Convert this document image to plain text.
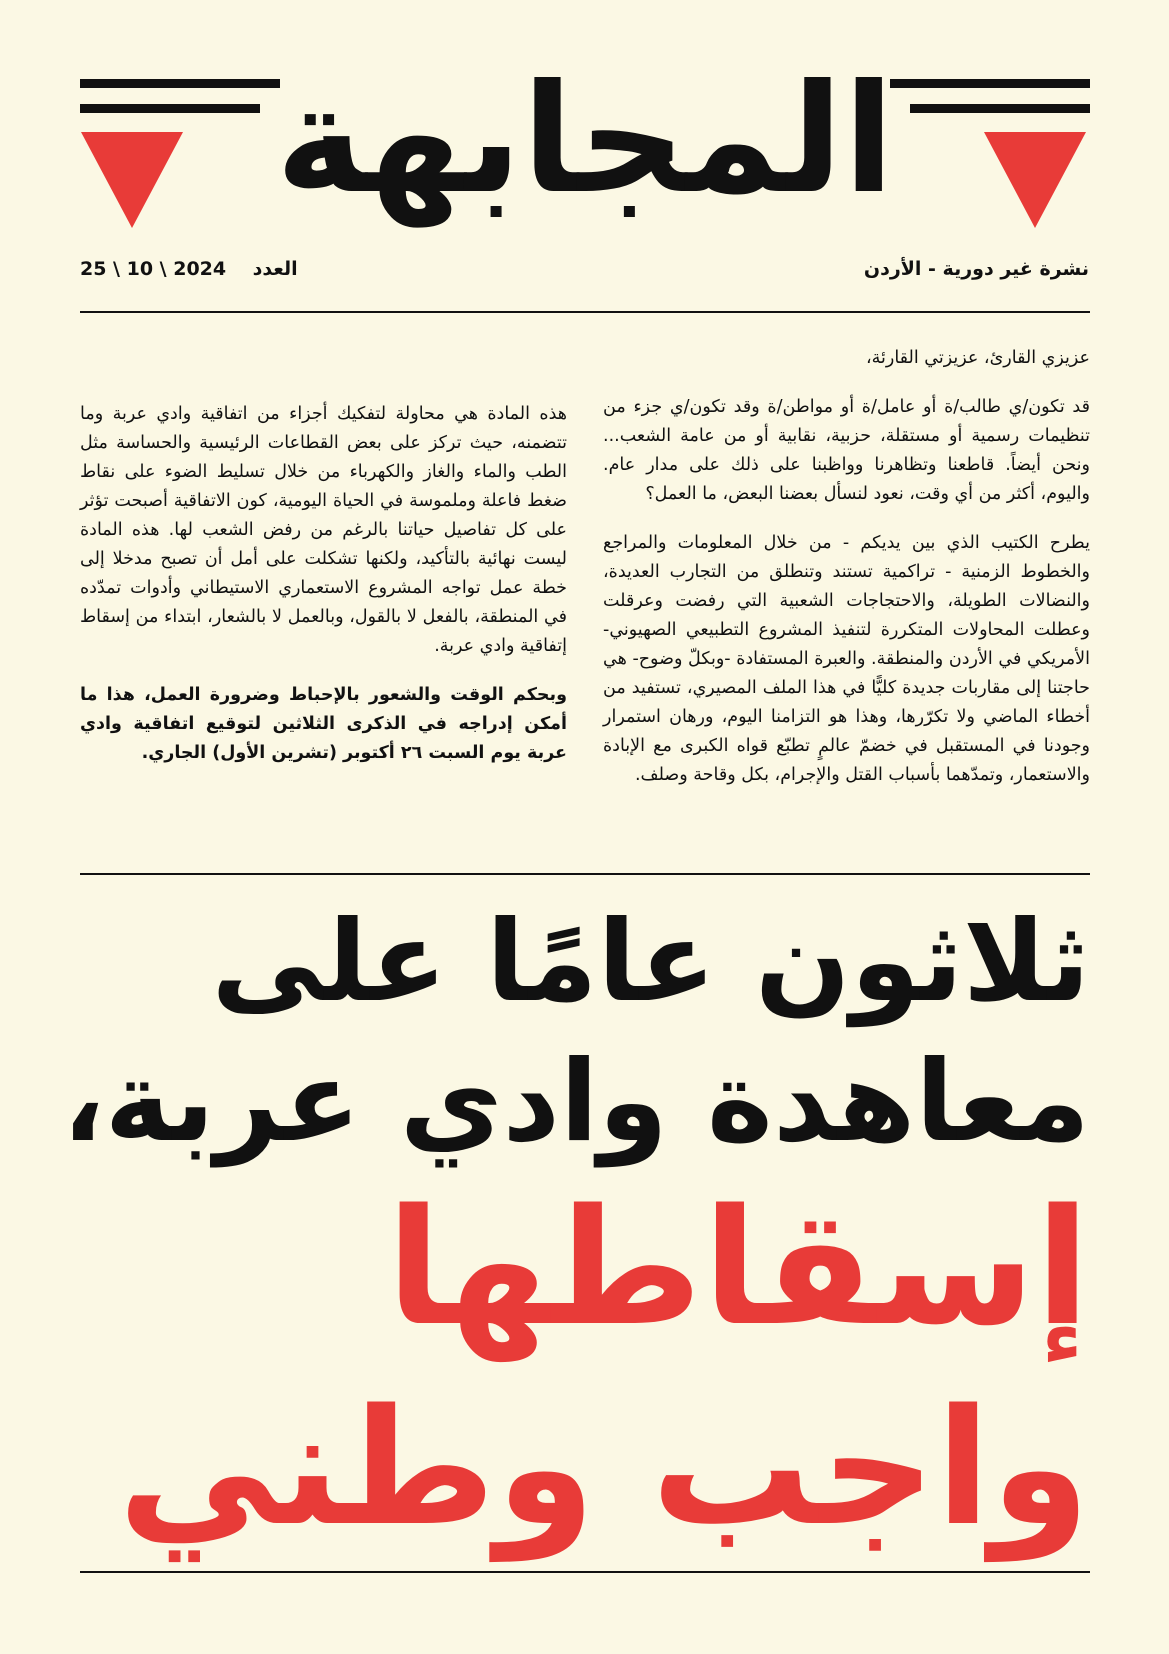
المجابهة
25 \ 10 \ 2024 العدد	نشرة غير دورية - الأردن

عزيزي القارئ، عزيزتي القارئة،

قد تكون/ي طالب/ة أو عامل/ة أو مواطن/ة وقد تكون/ي جزء من تنظيمات رسمية أو مستقلة، حزبية، نقابية أو من عامة الشعب... ونحن أيضاً. قاطعنا وتظاهرنا وواظبنا على ذلك على مدار عام. واليوم، أكثر من أي وقت، نعود لنسأل بعضنا البعض، ما العمل؟

يطرح الكتيب الذي بين يديكم - من خلال المعلومات والمراجع والخطوط الزمنية - تراكمية تستند وتنطلق من التجارب العديدة، والنضالات الطويلة، والاحتجاجات الشعبية التي رفضت وعرقلت وعطلت المحاولات المتكررة لتنفيذ المشروع التطبيعي الصهيوني-الأمريكي في الأردن والمنطقة. والعبرة المستفادة -وبكلّ وضوح- هي حاجتنا إلى مقاربات جديدة كليًّا في هذا الملف المصيري، تستفيد من أخطاء الماضي ولا تكرّرها، وهذا هو التزامنا اليوم، ورهان استمرار وجودنا في المستقبل في خضمّ عالمٍ تطبّع قواه الكبرى مع الإبادة والاستعمار، وتمدّهما بأسباب القتل والإجرام، بكل وقاحة وصلف.

هذه المادة هي محاولة لتفكيك أجزاء من اتفاقية وادي عربة وما تتضمنه، حيث تركز على بعض القطاعات الرئيسية والحساسة مثل الطب والماء والغاز والكهرباء من خلال تسليط الضوء على نقاط ضغط فاعلة وملموسة في الحياة اليومية، كون الاتفاقية أصبحت تؤثر على كل تفاصيل حياتنا بالرغم من رفض الشعب لها. هذه المادة ليست نهائية بالتأكيد، ولكنها تشكلت على أمل أن تصبح مدخلا إلى خطة عمل تواجه المشروع الاستعماري الاستيطاني وأدوات تمدّده في المنطقة، بالفعل لا بالقول، وبالعمل لا بالشعار، ابتداء من إسقاط إتفاقية وادي عربة.

وبحكم الوقت والشعور بالإحباط وضرورة العمل، هذا ما أمكن إدراجه في الذكرى الثلاثين لتوقيع اتفاقية وادي عربة يوم السبت ٢٦ أكتوبر (تشرين الأول) الجاري.

ثلاثون عامًا على
معاهدة وادي عربة،
إسقاطها
واجب وطني
